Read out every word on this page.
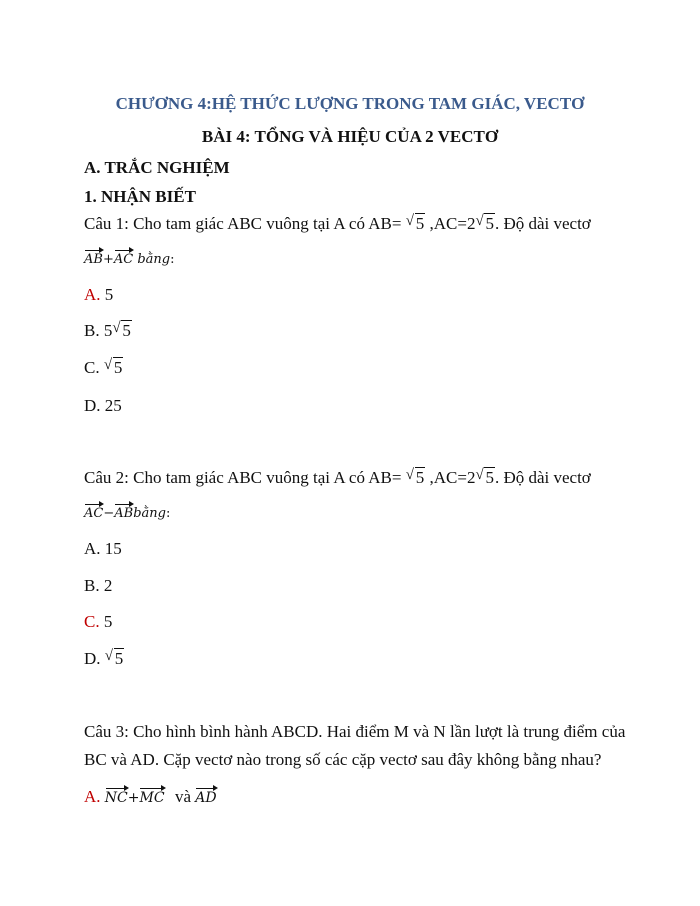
CHƯƠNG 4:HỆ THỨC LƯỢNG TRONG TAM GIÁC, VECTƠ
BÀI 4: TỔNG VÀ HIỆU CỦA 2 VECTƠ
A. TRẮC NGHIỆM
1. NHẬN BIẾT
Câu 1: Cho tam giác ABC vuông tại A có AB= √ 5 ,AC=2 √ 5. Độ dài vectơ
AB+AC bằng:
A. 5
B. 5 √ 5
C. √ 5
D. 25
Câu 2: Cho tam giác ABC vuông tại A có AB= √ 5 ,AC=2 √ 5. Độ dài vectơ
AC−ABbằng:
A. 15
B. 2
C. 5
D. √ 5
Câu 3: Cho hình bình hành ABCD. Hai điểm M và N lần lượt là trung điểm của
BC và AD. Cặp vectơ nào trong số các cặp vectơ sau đây không bằng nhau?
A. NC+MC và AD
